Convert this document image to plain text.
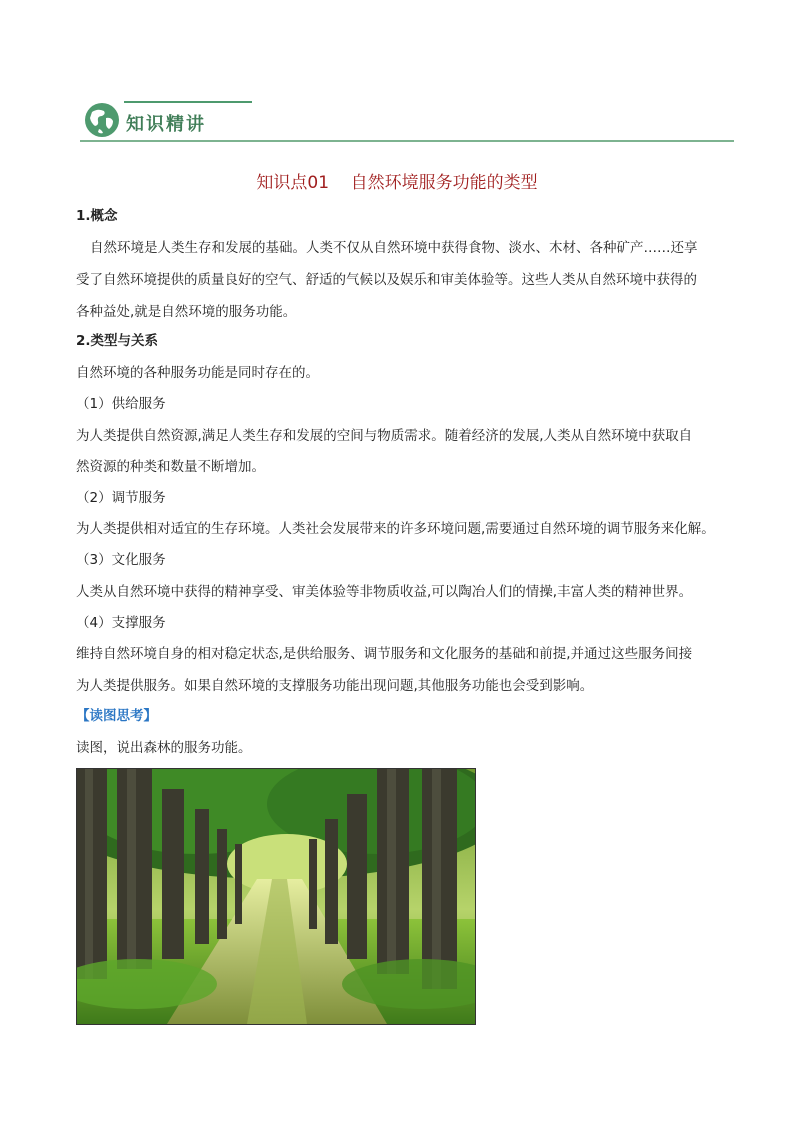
知识精讲
知识点01    自然环境服务功能的类型
1.概念
自然环境是人类生存和发展的基础。人类不仅从自然环境中获得食物、淡水、木材、各种矿产……还享
受了自然环境提供的质量良好的空气、舒适的气候以及娱乐和审美体验等。这些人类从自然环境中获得的
各种益处,就是自然环境的服务功能。
2.类型与关系
自然环境的各种服务功能是同时存在的。
（1）供给服务
为人类提供自然资源,满足人类生存和发展的空间与物质需求。随着经济的发展,人类从自然环境中获取自
然资源的种类和数量不断增加。
（2）调节服务
为人类提供相对适宜的生存环境。人类社会发展带来的许多环境问题,需要通过自然环境的调节服务来化解。
（3）文化服务
人类从自然环境中获得的精神享受、审美体验等非物质收益,可以陶冶人们的情操,丰富人类的精神世界。
（4）支撑服务
维持自然环境自身的相对稳定状态,是供给服务、调节服务和文化服务的基础和前提,并通过这些服务间接
为人类提供服务。如果自然环境的支撑服务功能出现问题,其他服务功能也会受到影响。
【读图思考】
读图，说出森林的服务功能。
